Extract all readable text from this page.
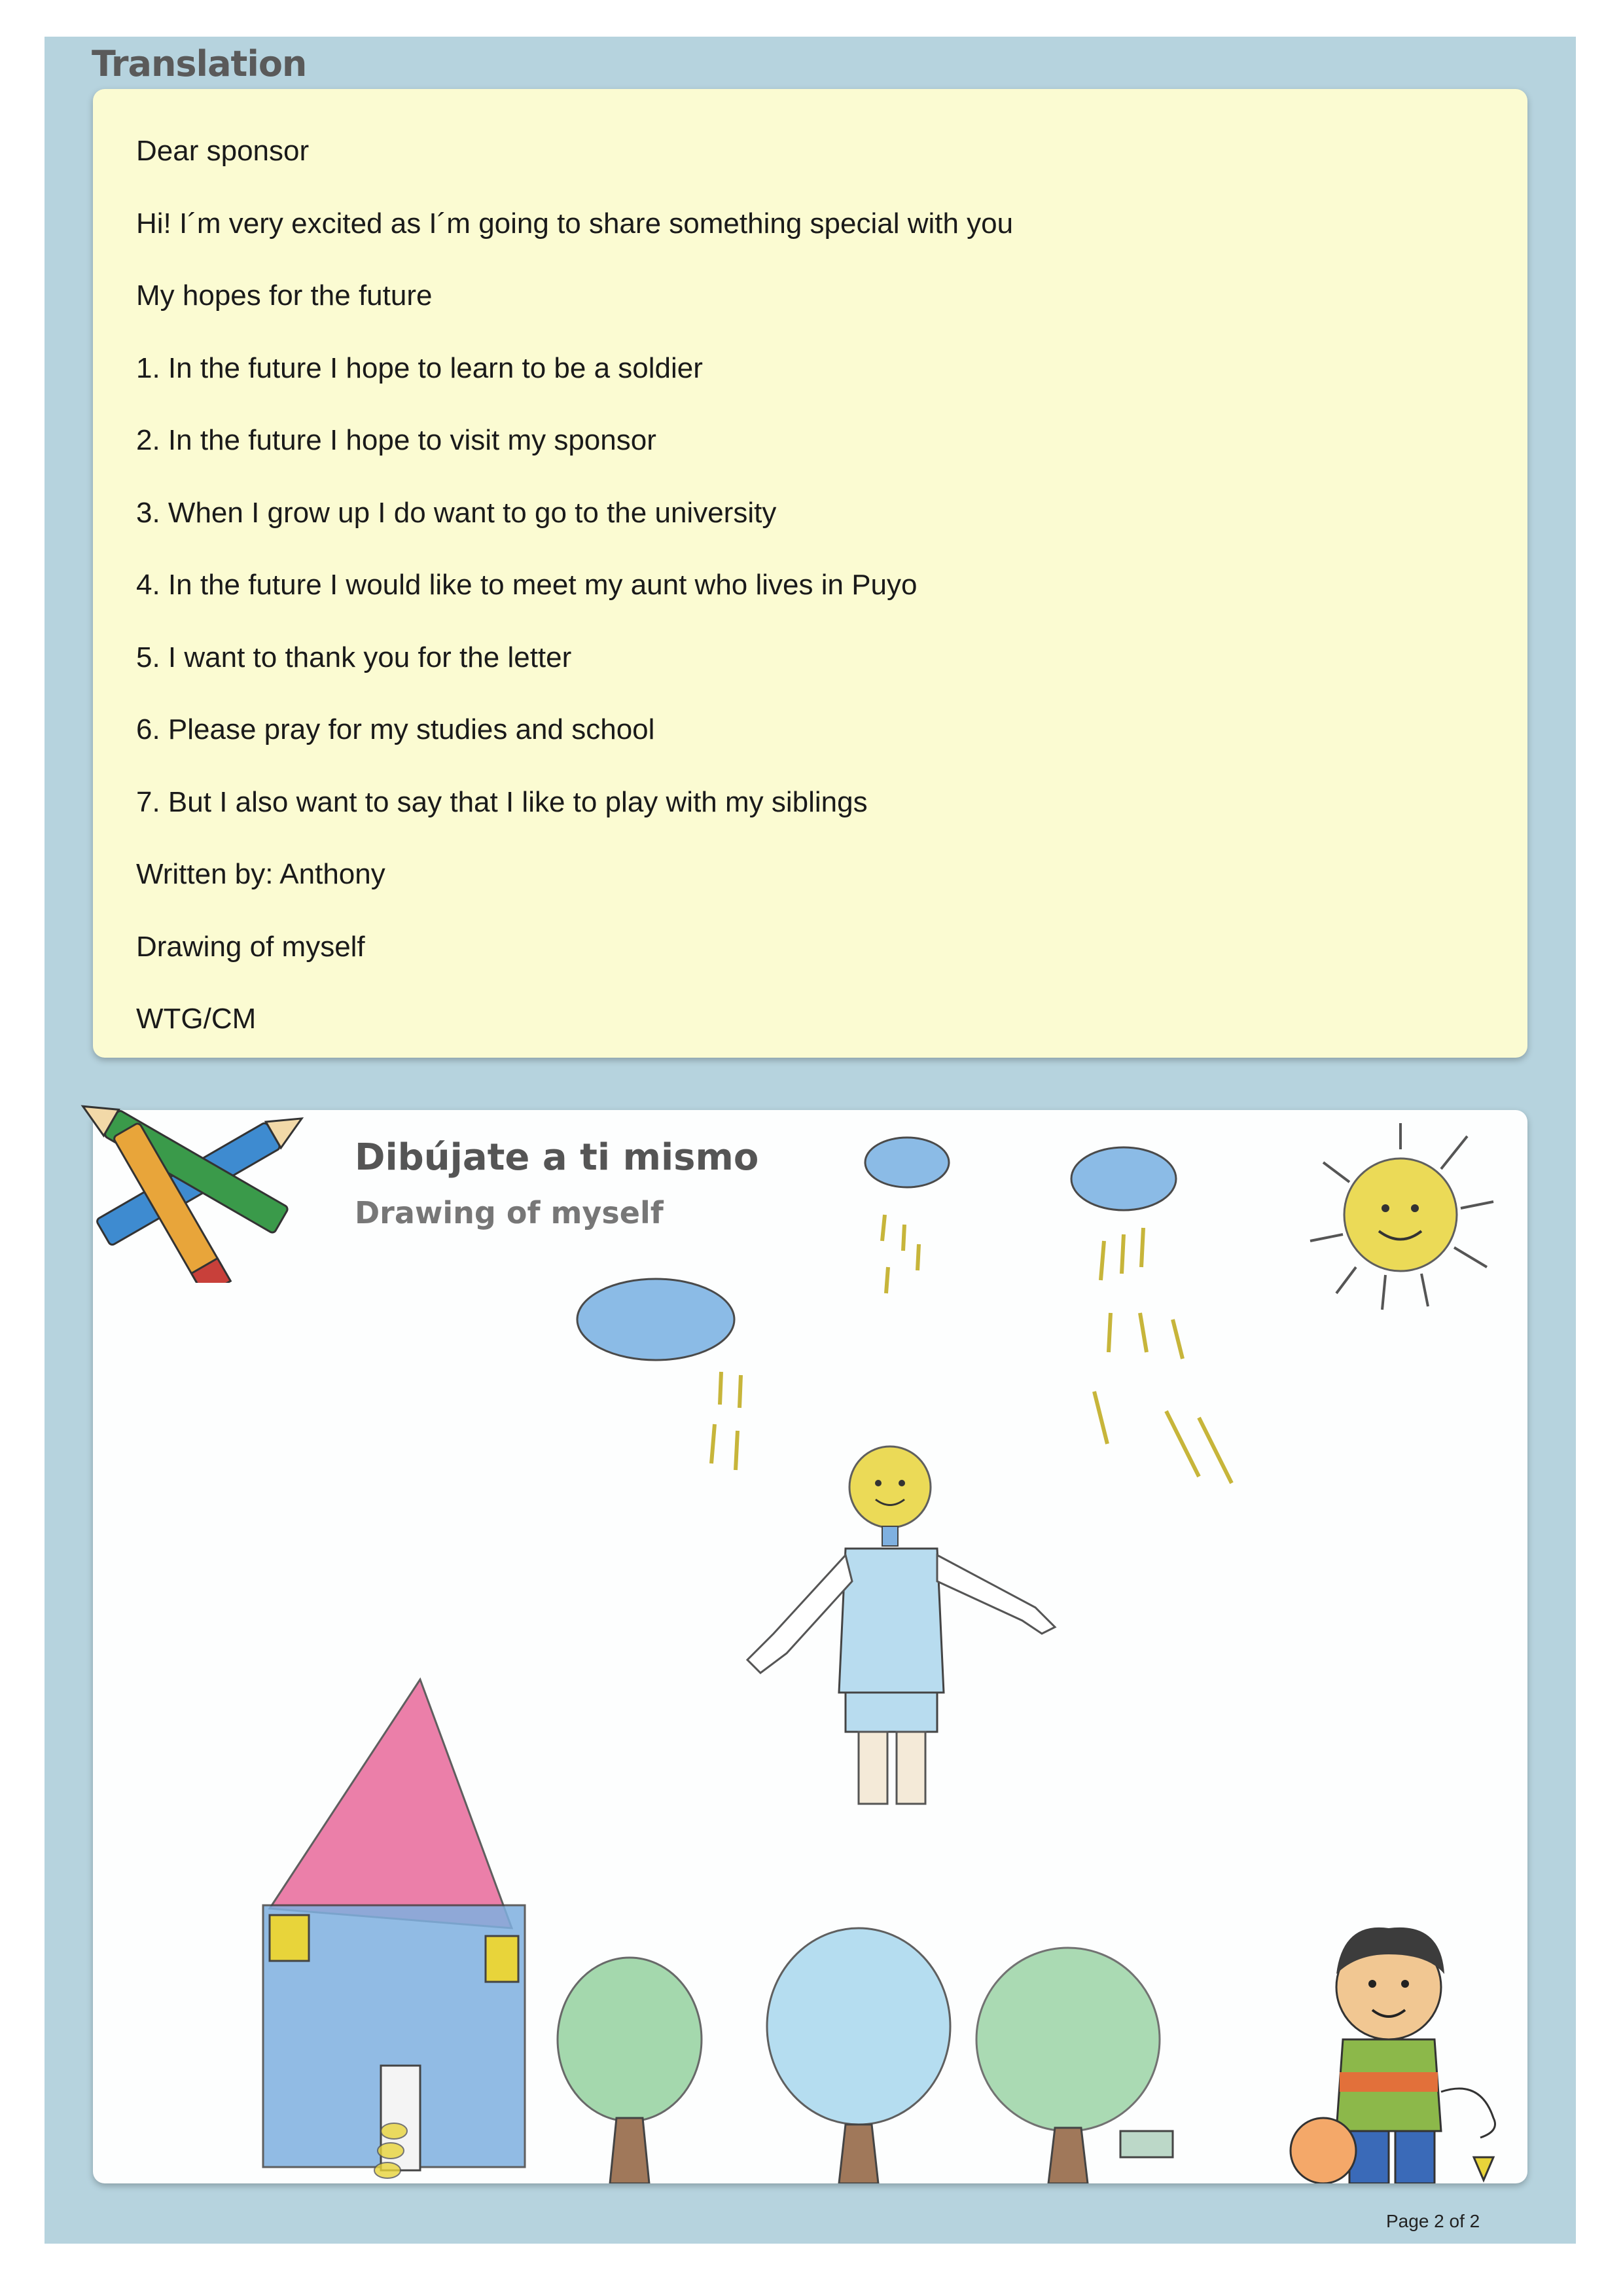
Translation
Dear sponsor
Hi! I´m very excited as I´m going to share something special with you
My hopes for the future
1. In the future I hope to learn to be a soldier
2. In the future I hope to visit my sponsor
3. When I grow up I do want to go to the university
4. In the future I would like to meet my aunt who lives in Puyo
5. I want to thank you for the letter
6. Please pray for my studies and school
7. But I also want to say that I like to play with my siblings
Written by: Anthony
Drawing of myself
WTG/CM
Dibújate a ti mismo
Drawing of myself
Page 2 of 2
